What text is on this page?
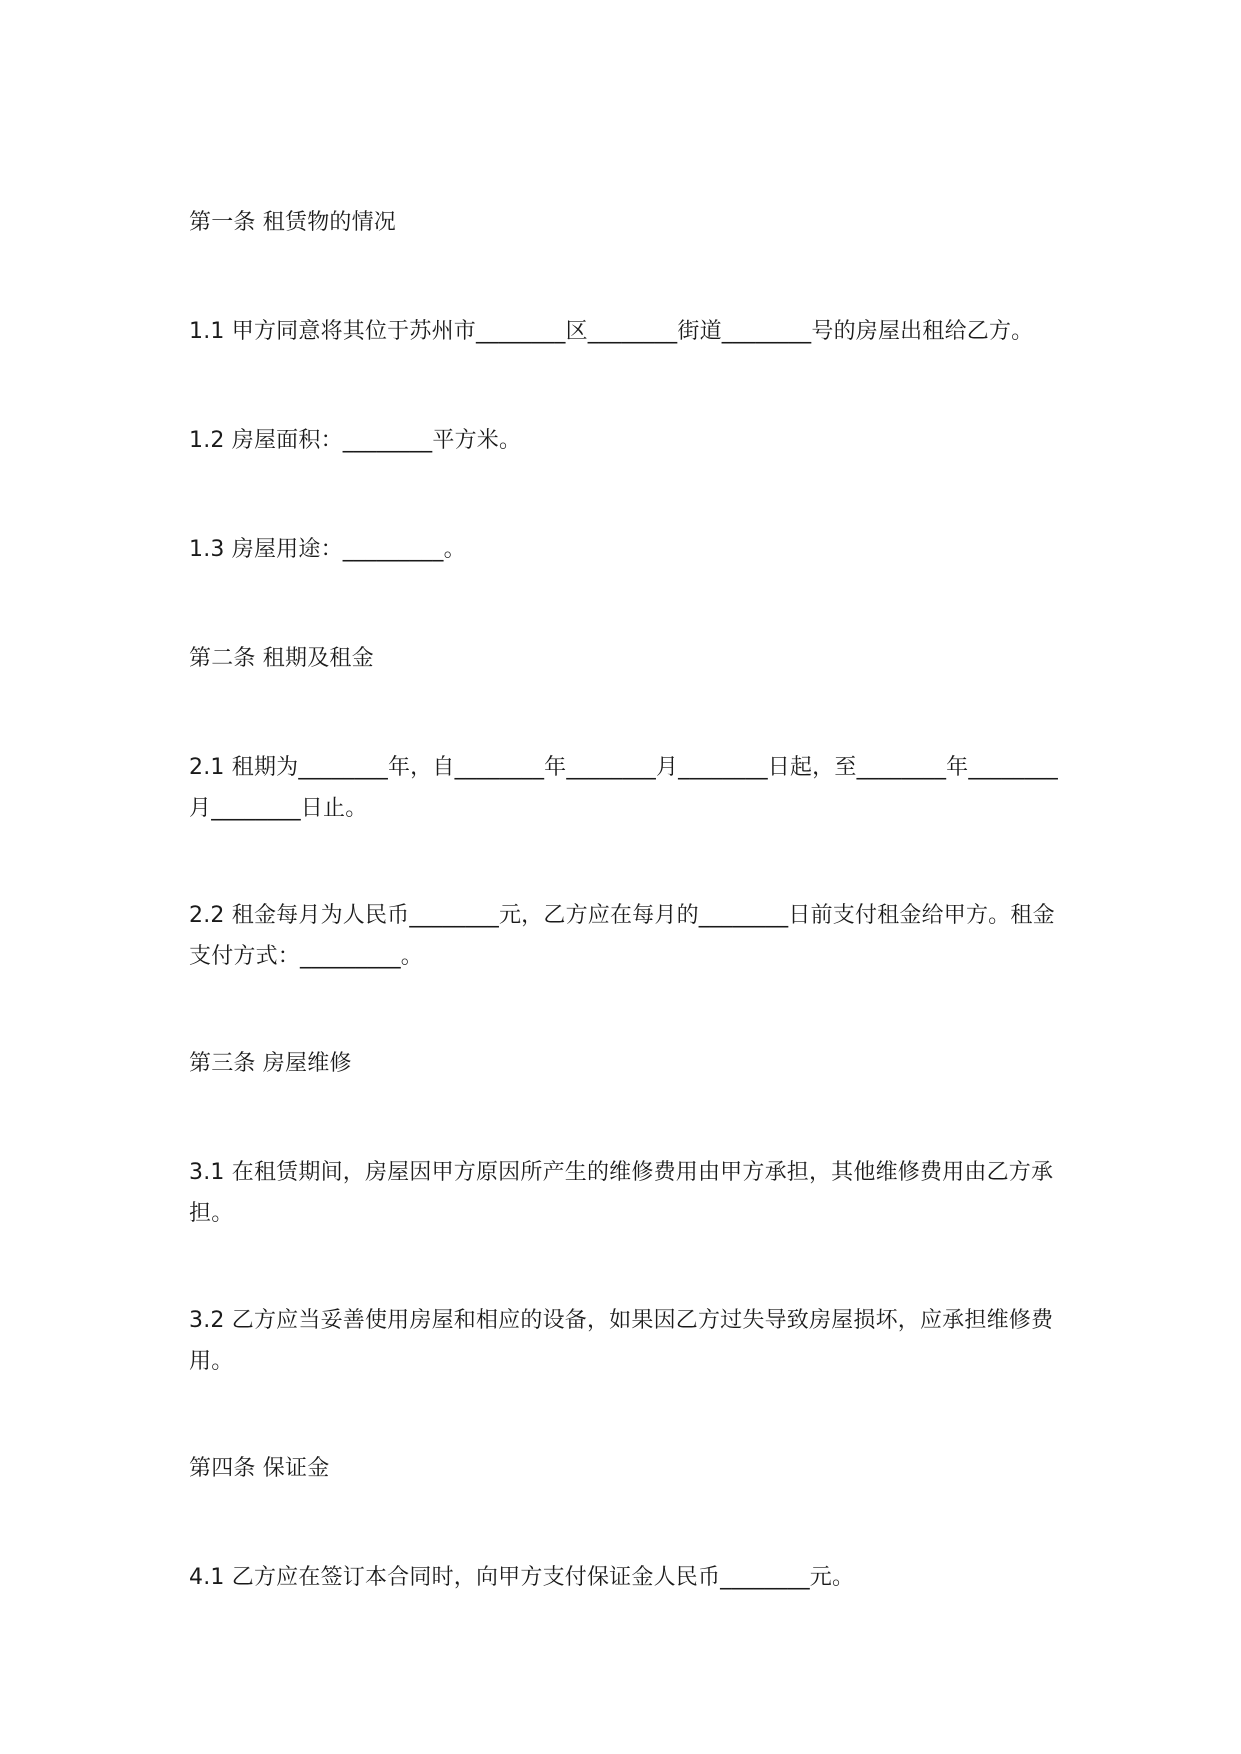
第一条 租赁物的情况

1.1 甲方同意将其位于苏州市________区________街道________号的房屋出租给乙方。

1.2 房屋面积：________平方米。

1.3 房屋用途：_________。

第二条 租期及租金

2.1 租期为________年，自________年________月________日起，至________年________月________日止。

2.2 租金每月为人民币________元，乙方应在每月的________日前支付租金给甲方。租金支付方式：_________。

第三条 房屋维修

3.1 在租赁期间，房屋因甲方原因所产生的维修费用由甲方承担，其他维修费用由乙方承担。

3.2 乙方应当妥善使用房屋和相应的设备，如果因乙方过失导致房屋损坏，应承担维修费用。

第四条 保证金

4.1 乙方应在签订本合同时，向甲方支付保证金人民币________元。
